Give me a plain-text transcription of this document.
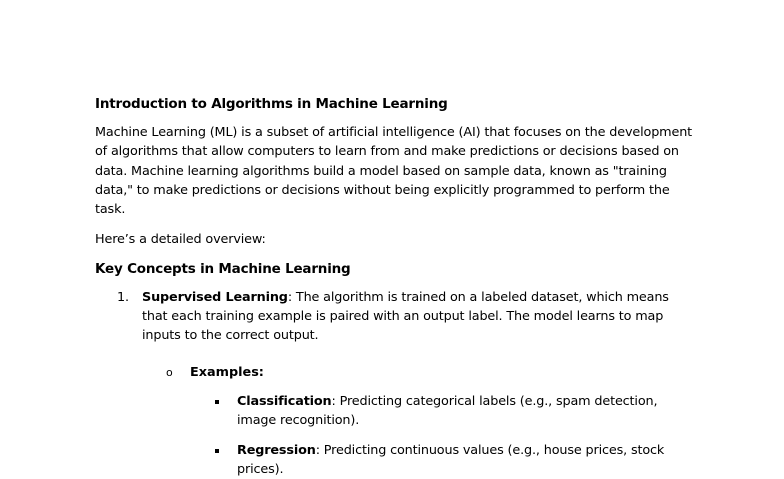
Introduction to Algorithms in Machine Learning

Machine Learning (ML) is a subset of artificial intelligence (AI) that focuses on the development of algorithms that allow computers to learn from and make predictions or decisions based on data. Machine learning algorithms build a model based on sample data, known as "training data," to make predictions or decisions without being explicitly programmed to perform the task.

Here’s a detailed overview:

Key Concepts in Machine Learning
1. Supervised Learning: The algorithm is trained on a labeled dataset, which means that each training example is paired with an output label. The model learns to map inputs to the correct output.
o Examples:
Classification: Predicting categorical labels (e.g., spam detection, image recognition).
Regression: Predicting continuous values (e.g., house prices, stock prices).
